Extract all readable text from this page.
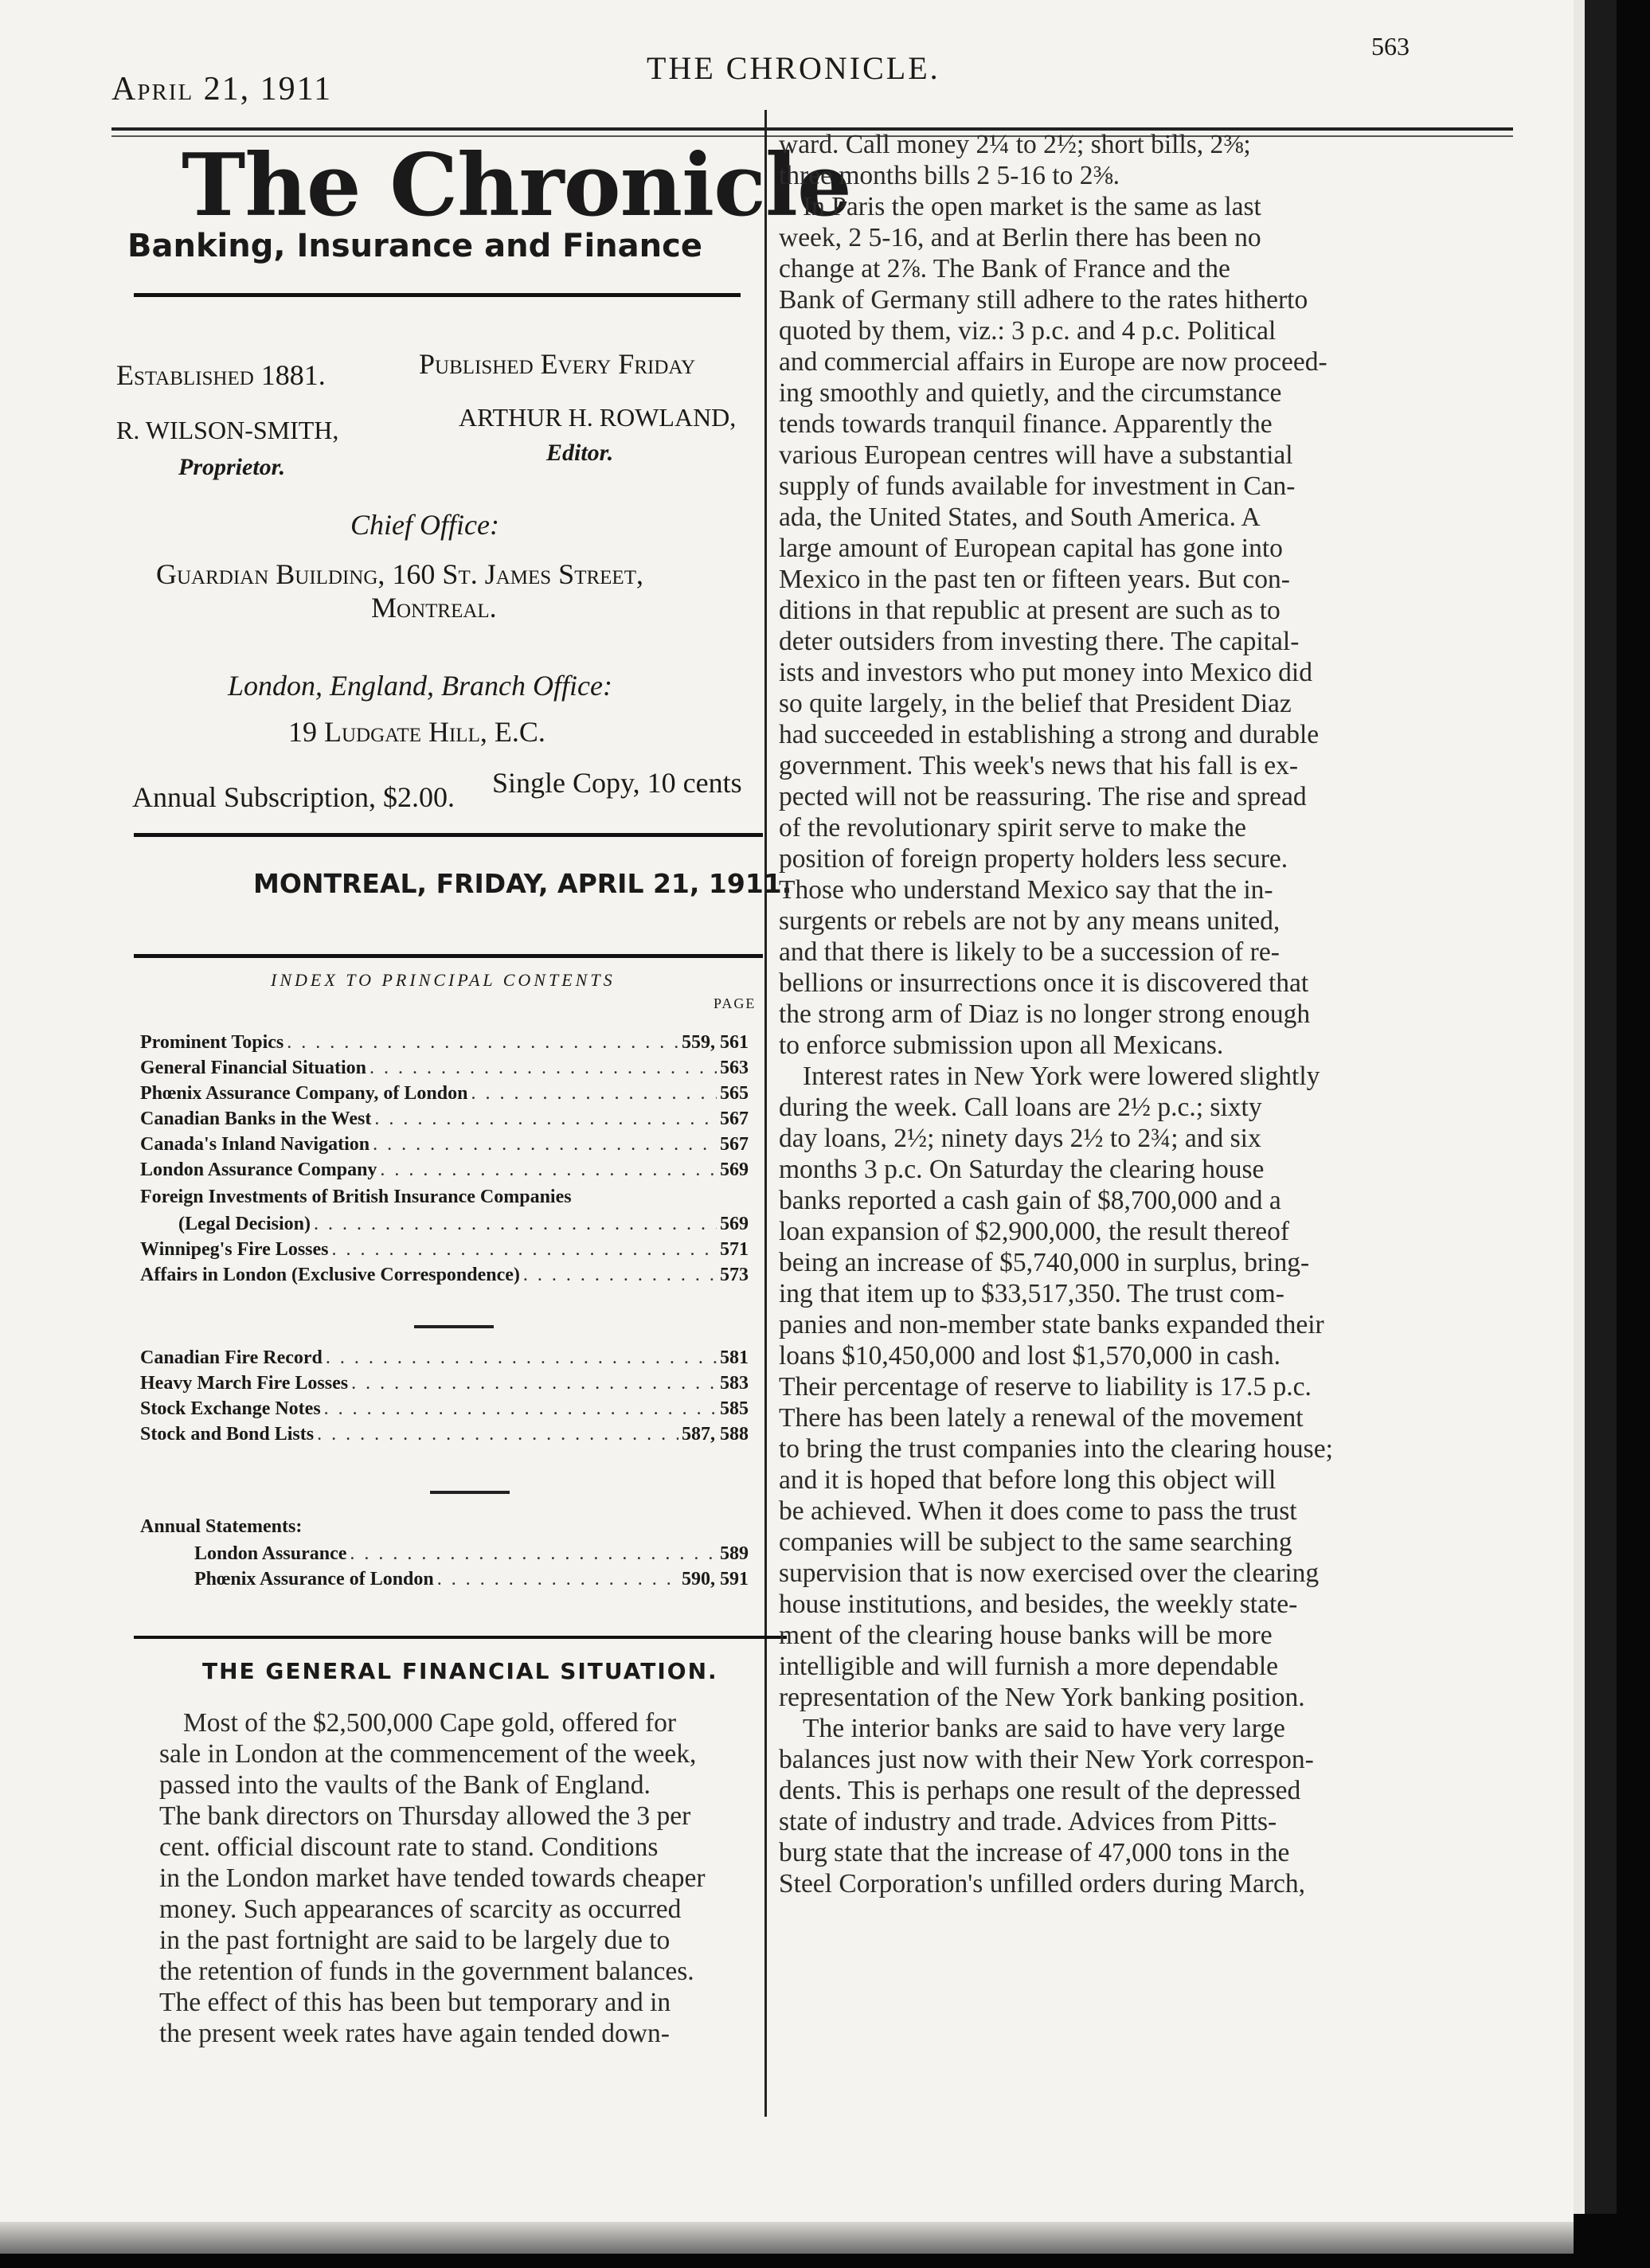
April 21, 1911
THE CHRONICLE.
563
The Chronicle
Banking, Insurance and Finance
Established 1881.	Published Every Friday
R. WILSON-SMITH,
Proprietor.
ARTHUR H. ROWLAND,
Editor.
Chief Office:
Guardian Building, 160 St. James Street,
Montreal.
London, England, Branch Office:
19 Ludgate Hill, E.C.
Annual Subscription, $2.00. Single Copy, 10 cents
MONTREAL, FRIDAY, APRIL 21, 1911.
INDEX TO PRINCIPAL CONTENTS
PAGE
Prominent Topics . . .	559, 561
General Financial Situation . . .	563
Phœnix Assurance Company, of London . . .	565
Canadian Banks in the West . . .	567
Canada's Inland Navigation . . .	567
London Assurance Company . . .	569
Foreign Investments of British Insurance Companies
(Legal Decision) . . .	569
Winnipeg's Fire Losses . . .	571
Affairs in London (Exclusive Correspondence) . . .	573
Canadian Fire Record . . .	581
Heavy March Fire Losses . . .	583
Stock Exchange Notes . . .	585
Stock and Bond Lists . . .	587, 588
Annual Statements:
London Assurance . . .	589
Phœnix Assurance of London . . .	590, 591
THE GENERAL FINANCIAL SITUATION.
Most of the $2,500,000 Cape gold, offered for
sale in London at the commencement of the week,
passed into the vaults of the Bank of England.
The bank directors on Thursday allowed the 3 per
cent. official discount rate to stand. Conditions
in the London market have tended towards cheaper
money. Such appearances of scarcity as occurred
in the past fortnight are said to be largely due to
the retention of funds in the government balances.
The effect of this has been but temporary and in
the present week rates have again tended down-
ward. Call money 2¼ to 2½; short bills, 2⅜;
three months bills 2 5-16 to 2⅜.
In Paris the open market is the same as last
week, 2 5-16, and at Berlin there has been no
change at 2⅞. The Bank of France and the
Bank of Germany still adhere to the rates hitherto
quoted by them, viz.: 3 p.c. and 4 p.c. Political
and commercial affairs in Europe are now proceed-
ing smoothly and quietly, and the circumstance
tends towards tranquil finance. Apparently the
various European centres will have a substantial
supply of funds available for investment in Can-
ada, the United States, and South America. A
large amount of European capital has gone into
Mexico in the past ten or fifteen years. But con-
ditions in that republic at present are such as to
deter outsiders from investing there. The capital-
ists and investors who put money into Mexico did
so quite largely, in the belief that President Diaz
had succeeded in establishing a strong and durable
government. This week's news that his fall is ex-
pected will not be reassuring. The rise and spread
of the revolutionary spirit serve to make the
position of foreign property holders less secure.
Those who understand Mexico say that the in-
surgents or rebels are not by any means united,
and that there is likely to be a succession of re-
bellions or insurrections once it is discovered that
the strong arm of Diaz is no longer strong enough
to enforce submission upon all Mexicans.
Interest rates in New York were lowered slightly
during the week. Call loans are 2½ p.c.; sixty
day loans, 2½; ninety days 2½ to 2¾; and six
months 3 p.c. On Saturday the clearing house
banks reported a cash gain of $8,700,000 and a
loan expansion of $2,900,000, the result thereof
being an increase of $5,740,000 in surplus, bring-
ing that item up to $33,517,350. The trust com-
panies and non-member state banks expanded their
loans $10,450,000 and lost $1,570,000 in cash.
Their percentage of reserve to liability is 17.5 p.c.
There has been lately a renewal of the movement
to bring the trust companies into the clearing house;
and it is hoped that before long this object will
be achieved. When it does come to pass the trust
companies will be subject to the same searching
supervision that is now exercised over the clearing
house institutions, and besides, the weekly state-
ment of the clearing house banks will be more
intelligible and will furnish a more dependable
representation of the New York banking position.
The interior banks are said to have very large
balances just now with their New York correspon-
dents. This is perhaps one result of the depressed
state of industry and trade. Advices from Pitts-
burg state that the increase of 47,000 tons in the
Steel Corporation's unfilled orders during March,
